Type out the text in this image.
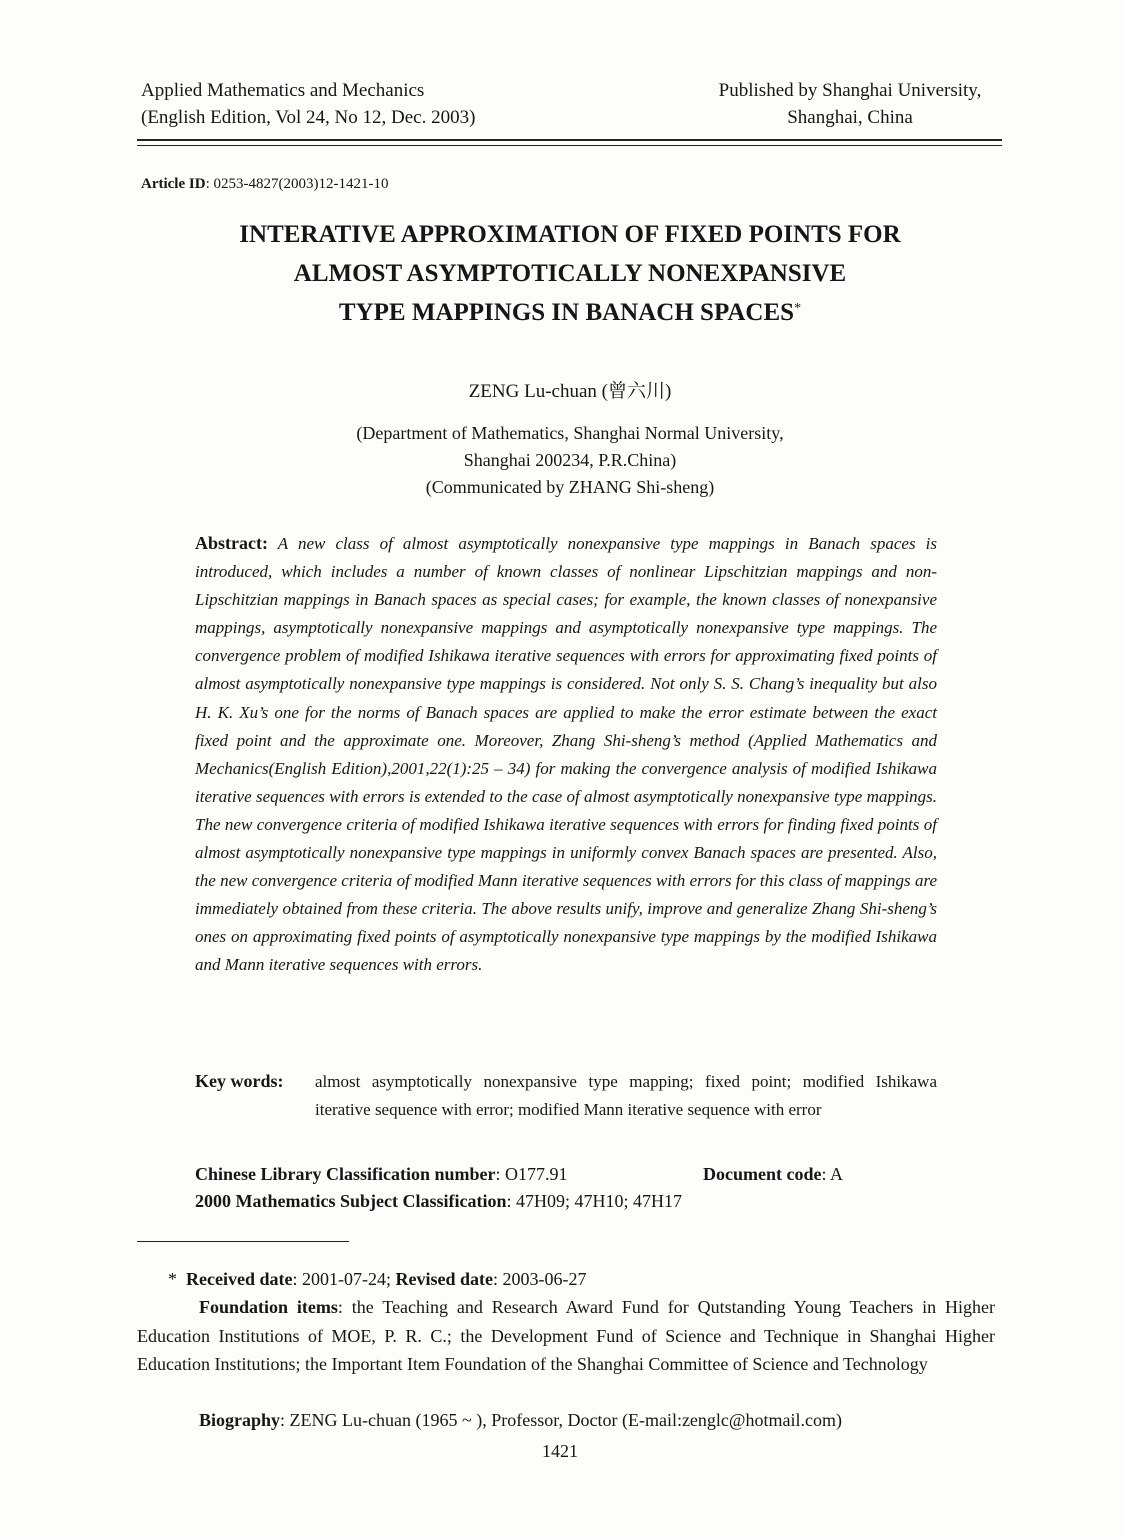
Applied Mathematics and Mechanics
(English Edition, Vol 24, No 12, Dec. 2003)
Published by Shanghai University,
Shanghai, China
Article ID: 0253-4827(2003)12-1421-10
INTERATIVE APPROXIMATION OF FIXED POINTS FOR
ALMOST ASYMPTOTICALLY NONEXPANSIVE
TYPE MAPPINGS IN BANACH SPACES*
ZENG Lu-chuan (曾六川)
(Department of Mathematics, Shanghai Normal University,
Shanghai 200234, P.R.China)
(Communicated by ZHANG Shi-sheng)
Abstract: A new class of almost asymptotically nonexpansive type mappings in Banach spaces is introduced, which includes a number of known classes of nonlinear Lipschitzian mappings and non-Lipschitzian mappings in Banach spaces as special cases; for example, the known classes of nonexpansive mappings, asymptotically nonexpansive mappings and asymptotically nonexpansive type mappings. The convergence problem of modified Ishikawa iterative sequences with errors for approximating fixed points of almost asymptotically nonexpansive type mappings is considered. Not only S. S. Chang’s inequality but also H. K. Xu’s one for the norms of Banach spaces are applied to make the error estimate between the exact fixed point and the approximate one. Moreover, Zhang Shi-sheng’s method (Applied Mathematics and Mechanics(English Edition),2001,22(1):25 – 34) for making the convergence analysis of modified Ishikawa iterative sequences with errors is extended to the case of almost asymptotically nonexpansive type mappings. The new convergence criteria of modified Ishikawa iterative sequences with errors for finding fixed points of almost asymptotically nonexpansive type mappings in uniformly convex Banach spaces are presented. Also, the new convergence criteria of modified Mann iterative sequences with errors for this class of mappings are immediately obtained from these criteria. The above results unify, improve and generalize Zhang Shi-sheng’s ones on approximating fixed points of asymptotically nonexpansive type mappings by the modified Ishikawa and Mann iterative sequences with errors.
Key words: almost asymptotically nonexpansive type mapping; fixed point; modified Ishikawa iterative sequence with error; modified Mann iterative sequence with error
Chinese Library Classification number: O177.91	Document code: A
2000 Mathematics Subject Classification: 47H09; 47H10; 47H17
* Received date: 2001-07-24; Revised date: 2003-06-27
Foundation items: the Teaching and Research Award Fund for Qutstanding Young Teachers in Higher Education Institutions of MOE, P. R. C.; the Development Fund of Science and Technique in Shanghai Higher Education Institutions; the Important Item Foundation of the Shanghai Committee of Science and Technology
Biography: ZENG Lu-chuan (1965 ~ ), Professor, Doctor (E-mail:zenglc@hotmail.com)
1421
